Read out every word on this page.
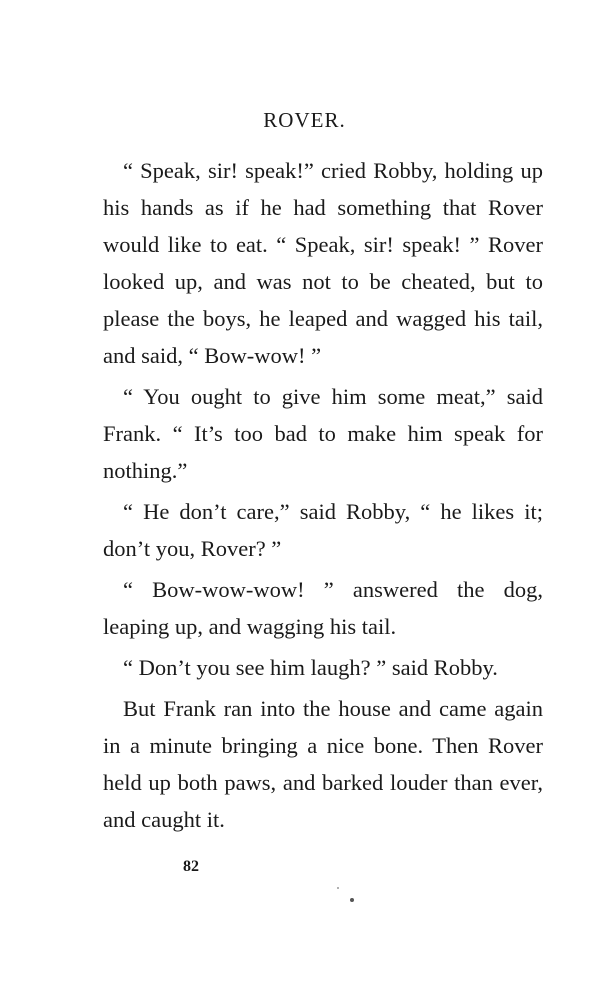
ROVER.

“ Speak, sir! speak!” cried Robby, holding up his hands as if he had something that Rover would like to eat. “ Speak, sir! speak! ” Rover looked up, and was not to be cheated, but to please the boys, he leaped and wagged his tail, and said, “ Bow-wow! ”

“ You ought to give him some meat,” said Frank. “ It’s too bad to make him speak for nothing.”

“ He don’t care,” said Robby, “ he likes it; don’t you, Rover? ”

“ Bow-wow-wow! ” answered the dog, leaping up, and wagging his tail.

“ Don’t you see him laugh? ” said Robby.

But Frank ran into the house and came again in a minute bringing a nice bone. Then Rover held up both paws, and barked louder than ever, and caught it.

82
